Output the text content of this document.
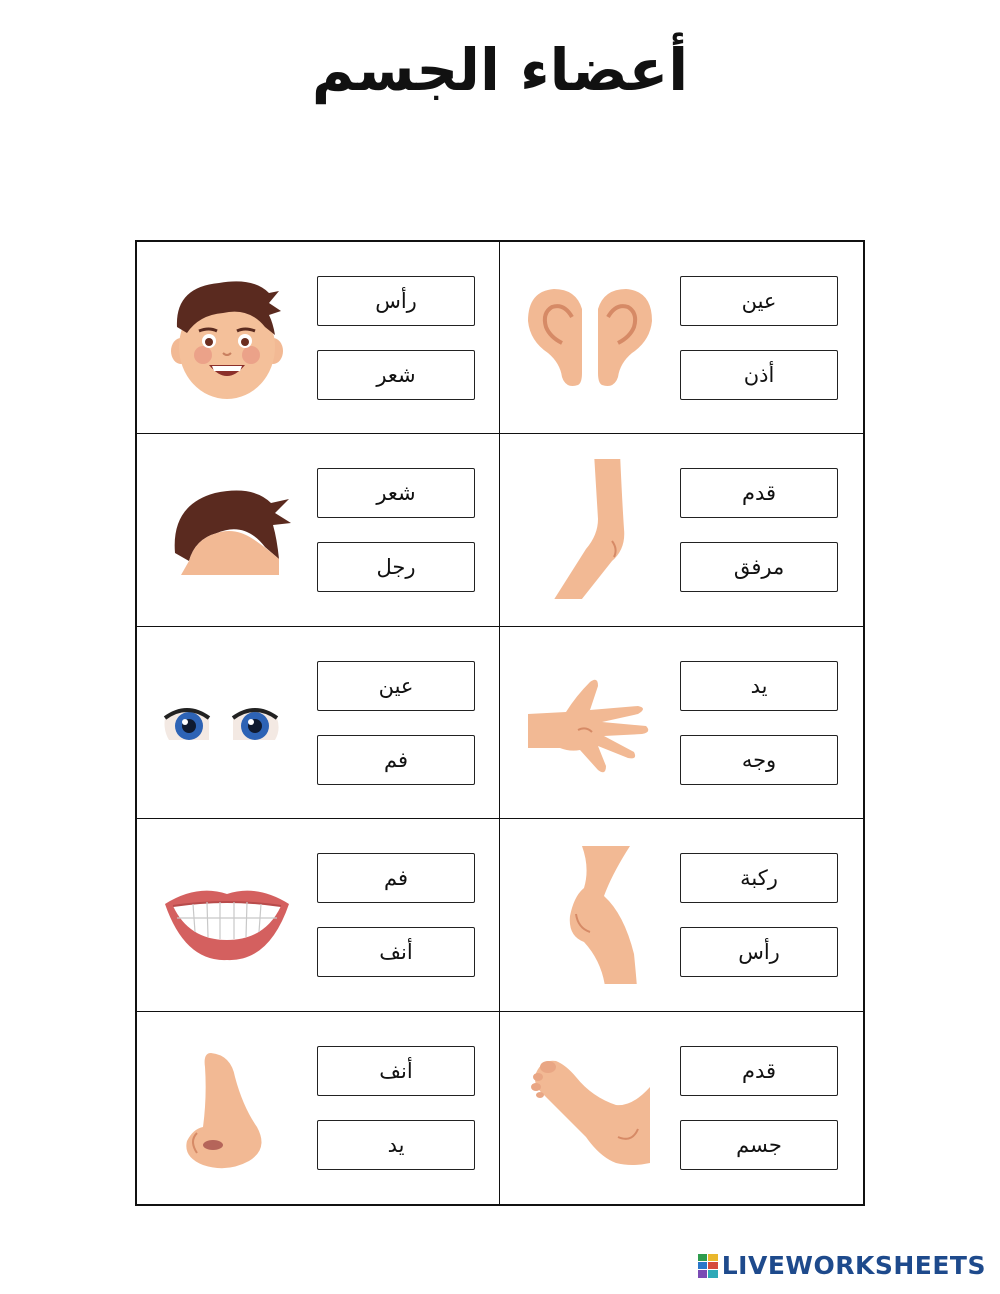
أعضاء الجسم
رأس
شعر
عين
أذن
شعر
رجل
قدم
مرفق
عين
فم
يد
وجه
فم
أنف
ركبة
رأس
أنف
يد
قدم
جسم
LIVEWORKSHEETS
